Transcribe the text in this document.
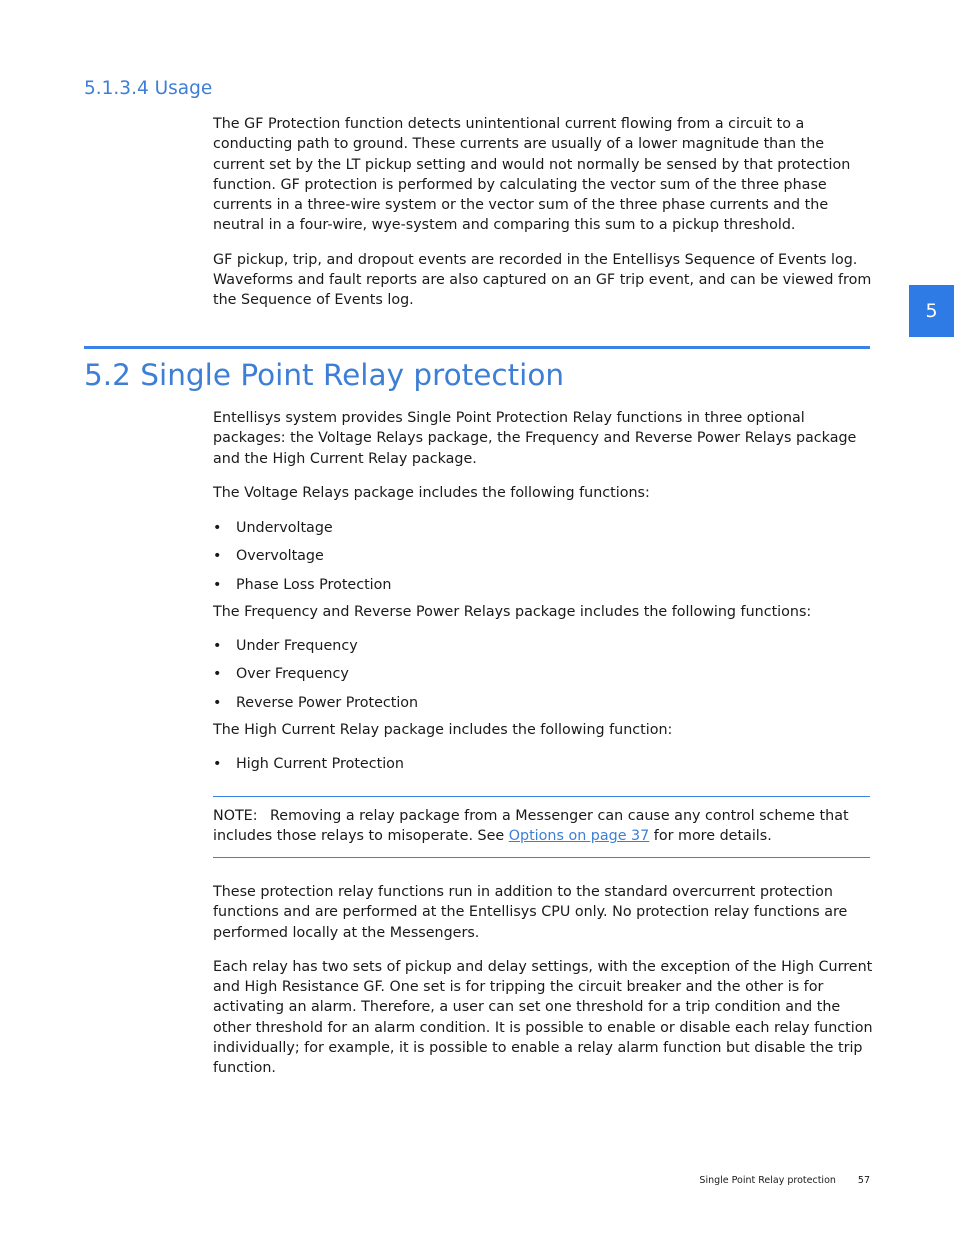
5.1.3.4 Usage

The GF Protection function detects unintentional current flowing from a circuit to a conducting path to ground. These currents are usually of a lower magnitude than the current set by the LT pickup setting and would not normally be sensed by that protection function. GF protection is performed by calculating the vector sum of the three phase currents in a three-wire system or the vector sum of the three phase currents and the neutral in a four-wire, wye-system and comparing this sum to a pickup threshold.

GF pickup, trip, and dropout events are recorded in the Entellisys Sequence of Events log. Waveforms and fault reports are also captured on an GF trip event, and can be viewed from the Sequence of Events log.	5
5.2 Single Point Relay protection

Entellisys system provides Single Point Protection Relay functions in three optional packages: the Voltage Relays package, the Frequency and Reverse Power Relays package and the High Current Relay package.

The Voltage Relays package includes the following functions:

• Undervoltage
• Overvoltage
• Phase Loss Protection

The Frequency and Reverse Power Relays package includes the following functions:

• Under Frequency
• Over Frequency
• Reverse Power Protection

The High Current Relay package includes the following function:

• High Current Protection
NOTE: Removing a relay package from a Messenger can cause any control scheme that includes those relays to misoperate. See Options on page 37 for more details.

These protection relay functions run in addition to the standard overcurrent protection functions and are performed at the Entellisys CPU only. No protection relay functions are performed locally at the Messengers.

Each relay has two sets of pickup and delay settings, with the exception of the High Current and High Resistance GF. One set is for tripping the circuit breaker and the other is for activating an alarm. Therefore, a user can set one threshold for a trip condition and the other threshold for an alarm condition. It is possible to enable or disable each relay function individually; for example, it is possible to enable a relay alarm function but disable the trip function.

Single Point Relay protection 57
